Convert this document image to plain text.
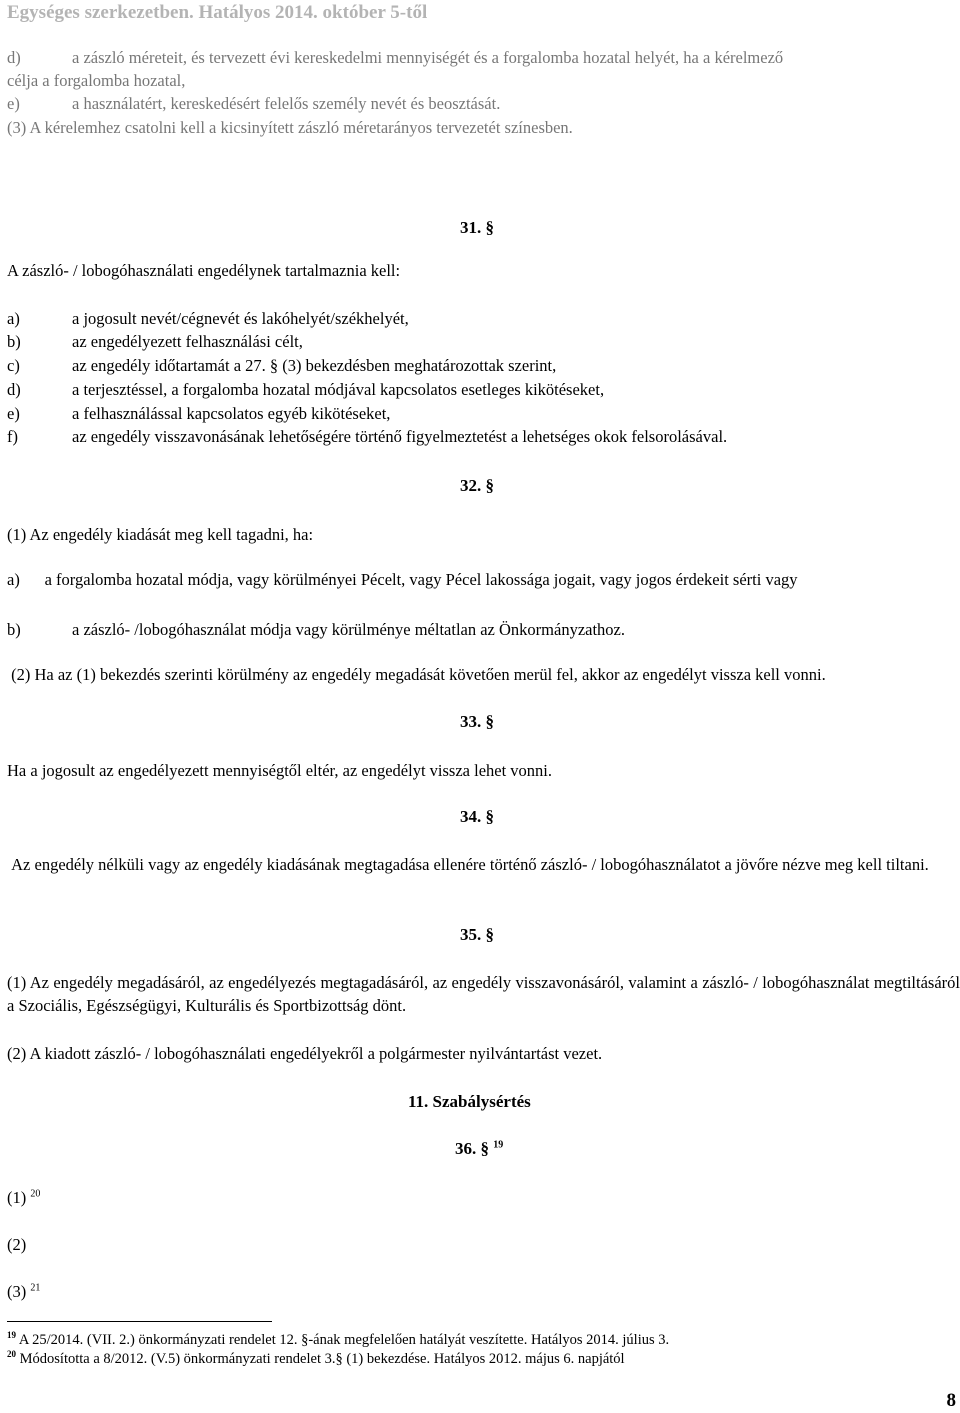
Egységes szerkezetben. Hatályos 2014. október 5-től
d)	a zászló méreteit, és tervezett évi kereskedelmi mennyiségét és a forgalomba hozatal helyét, ha a kérelmező
célja a forgalomba hozatal,
e)	a használatért, kereskedésért felelős személy nevét és beosztását.
(3) A kérelemhez csatolni kell a kicsinyített zászló méretarányos tervezetét színesben.
31. §
A zászló- / lobogóhasználati engedélynek tartalmaznia kell:
a)	a jogosult nevét/cégnevét és lakóhelyét/székhelyét,
b)	az engedélyezett felhasználási célt,
c)	az engedély időtartamát a 27. § (3) bekezdésben meghatározottak szerint,
d)	a terjesztéssel, a forgalomba hozatal módjával kapcsolatos esetleges kikötéseket,
e)	a felhasználással kapcsolatos egyéb kikötéseket,
f)	az engedély visszavonásának lehetőségére történő figyelmeztetést a lehetséges okok felsorolásával.
32. §
(1) Az engedély kiadását meg kell tagadni, ha:
a)      a forgalomba hozatal módja, vagy körülményei Pécelt, vagy Pécel lakossága jogait, vagy jogos érdekeit sérti vagy
b)	a zászló- /lobogóhasználat módja vagy körülménye méltatlan az Önkormányzathoz.
(2) Ha az (1) bekezdés szerinti körülmény az engedély megadását követően merül fel, akkor az engedélyt vissza kell vonni.
33. §
Ha a jogosult az engedélyezett mennyiségtől eltér, az engedélyt vissza lehet vonni.
34. §
Az engedély nélküli vagy az engedély kiadásának megtagadása ellenére történő zászló- / lobogóhasználatot a jövőre nézve meg kell tiltani.
35. §
(1) Az engedély megadásáról, az engedélyezés megtagadásáról, az engedély visszavonásáról, valamint a zászló- / lobogóhasználat megtiltásáról a Szociális, Egészségügyi, Kulturális és Sportbizottság dönt.
(2) A kiadott zászló- / lobogóhasználati engedélyekről a polgármester nyilvántartást vezet.
11. Szabálysértés
36. § $^{19}$
(1) $^{20}$
(2)
(3) $^{21}$
$^{19}$ A 25/2014. (VII. 2.) önkormányzati rendelet 12. §-ának megfelelően hatályát veszítette. Hatályos 2014. július 3.
$^{20}$ Módosította a 8/2012. (V.5) önkormányzati rendelet 3.§ (1) bekezdése. Hatályos 2012. május 6. napjától
8
